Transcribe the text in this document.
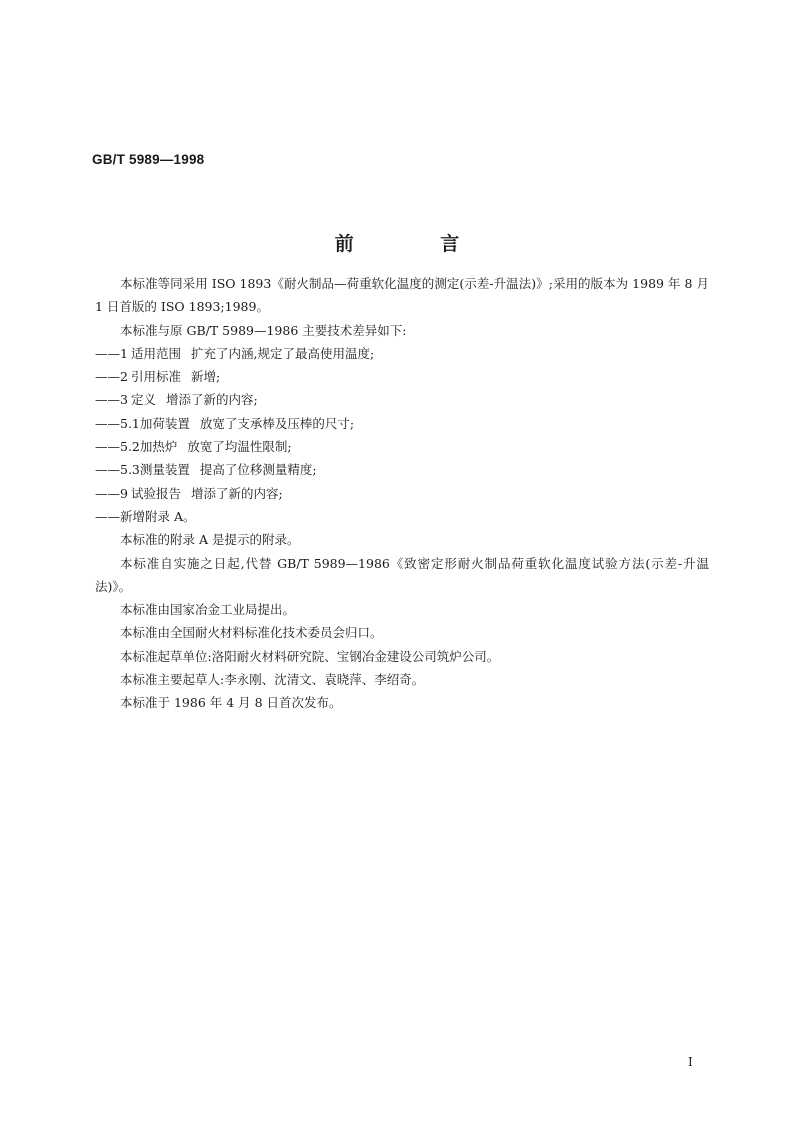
GB/T 5989—1998
前 言

本标准等同采用 ISO 1893《耐火制品—荷重软化温度的测定(示差-升温法)》;采用的版本为 1989 年 8 月 1 日首版的 ISO 1893;1989。

本标准与原 GB/T 5989—1986 主要技术差异如下:

——1 适用范围 扩充了内涵,规定了最高使用温度;

——2 引用标准 新增;

——3 定义 增添了新的内容;

——5.1加荷装置 放宽了支承棒及压棒的尺寸;

——5.2加热炉 放宽了均温性限制;

——5.3测量装置 提高了位移测量精度;

——9 试验报告 增添了新的内容;

——新增附录 A。

本标准的附录 A 是提示的附录。

本标准自实施之日起,代替 GB/T 5989—1986《致密定形耐火制品荷重软化温度试验方法(示差-升温法)》。

本标准由国家冶金工业局提出。

本标准由全国耐火材料标准化技术委员会归口。

本标准起草单位:洛阳耐火材料研究院、宝钢冶金建设公司筑炉公司。

本标准主要起草人:李永刚、沈清文、袁晓萍、李绍奇。

本标准于 1986 年 4 月 8 日首次发布。

I
